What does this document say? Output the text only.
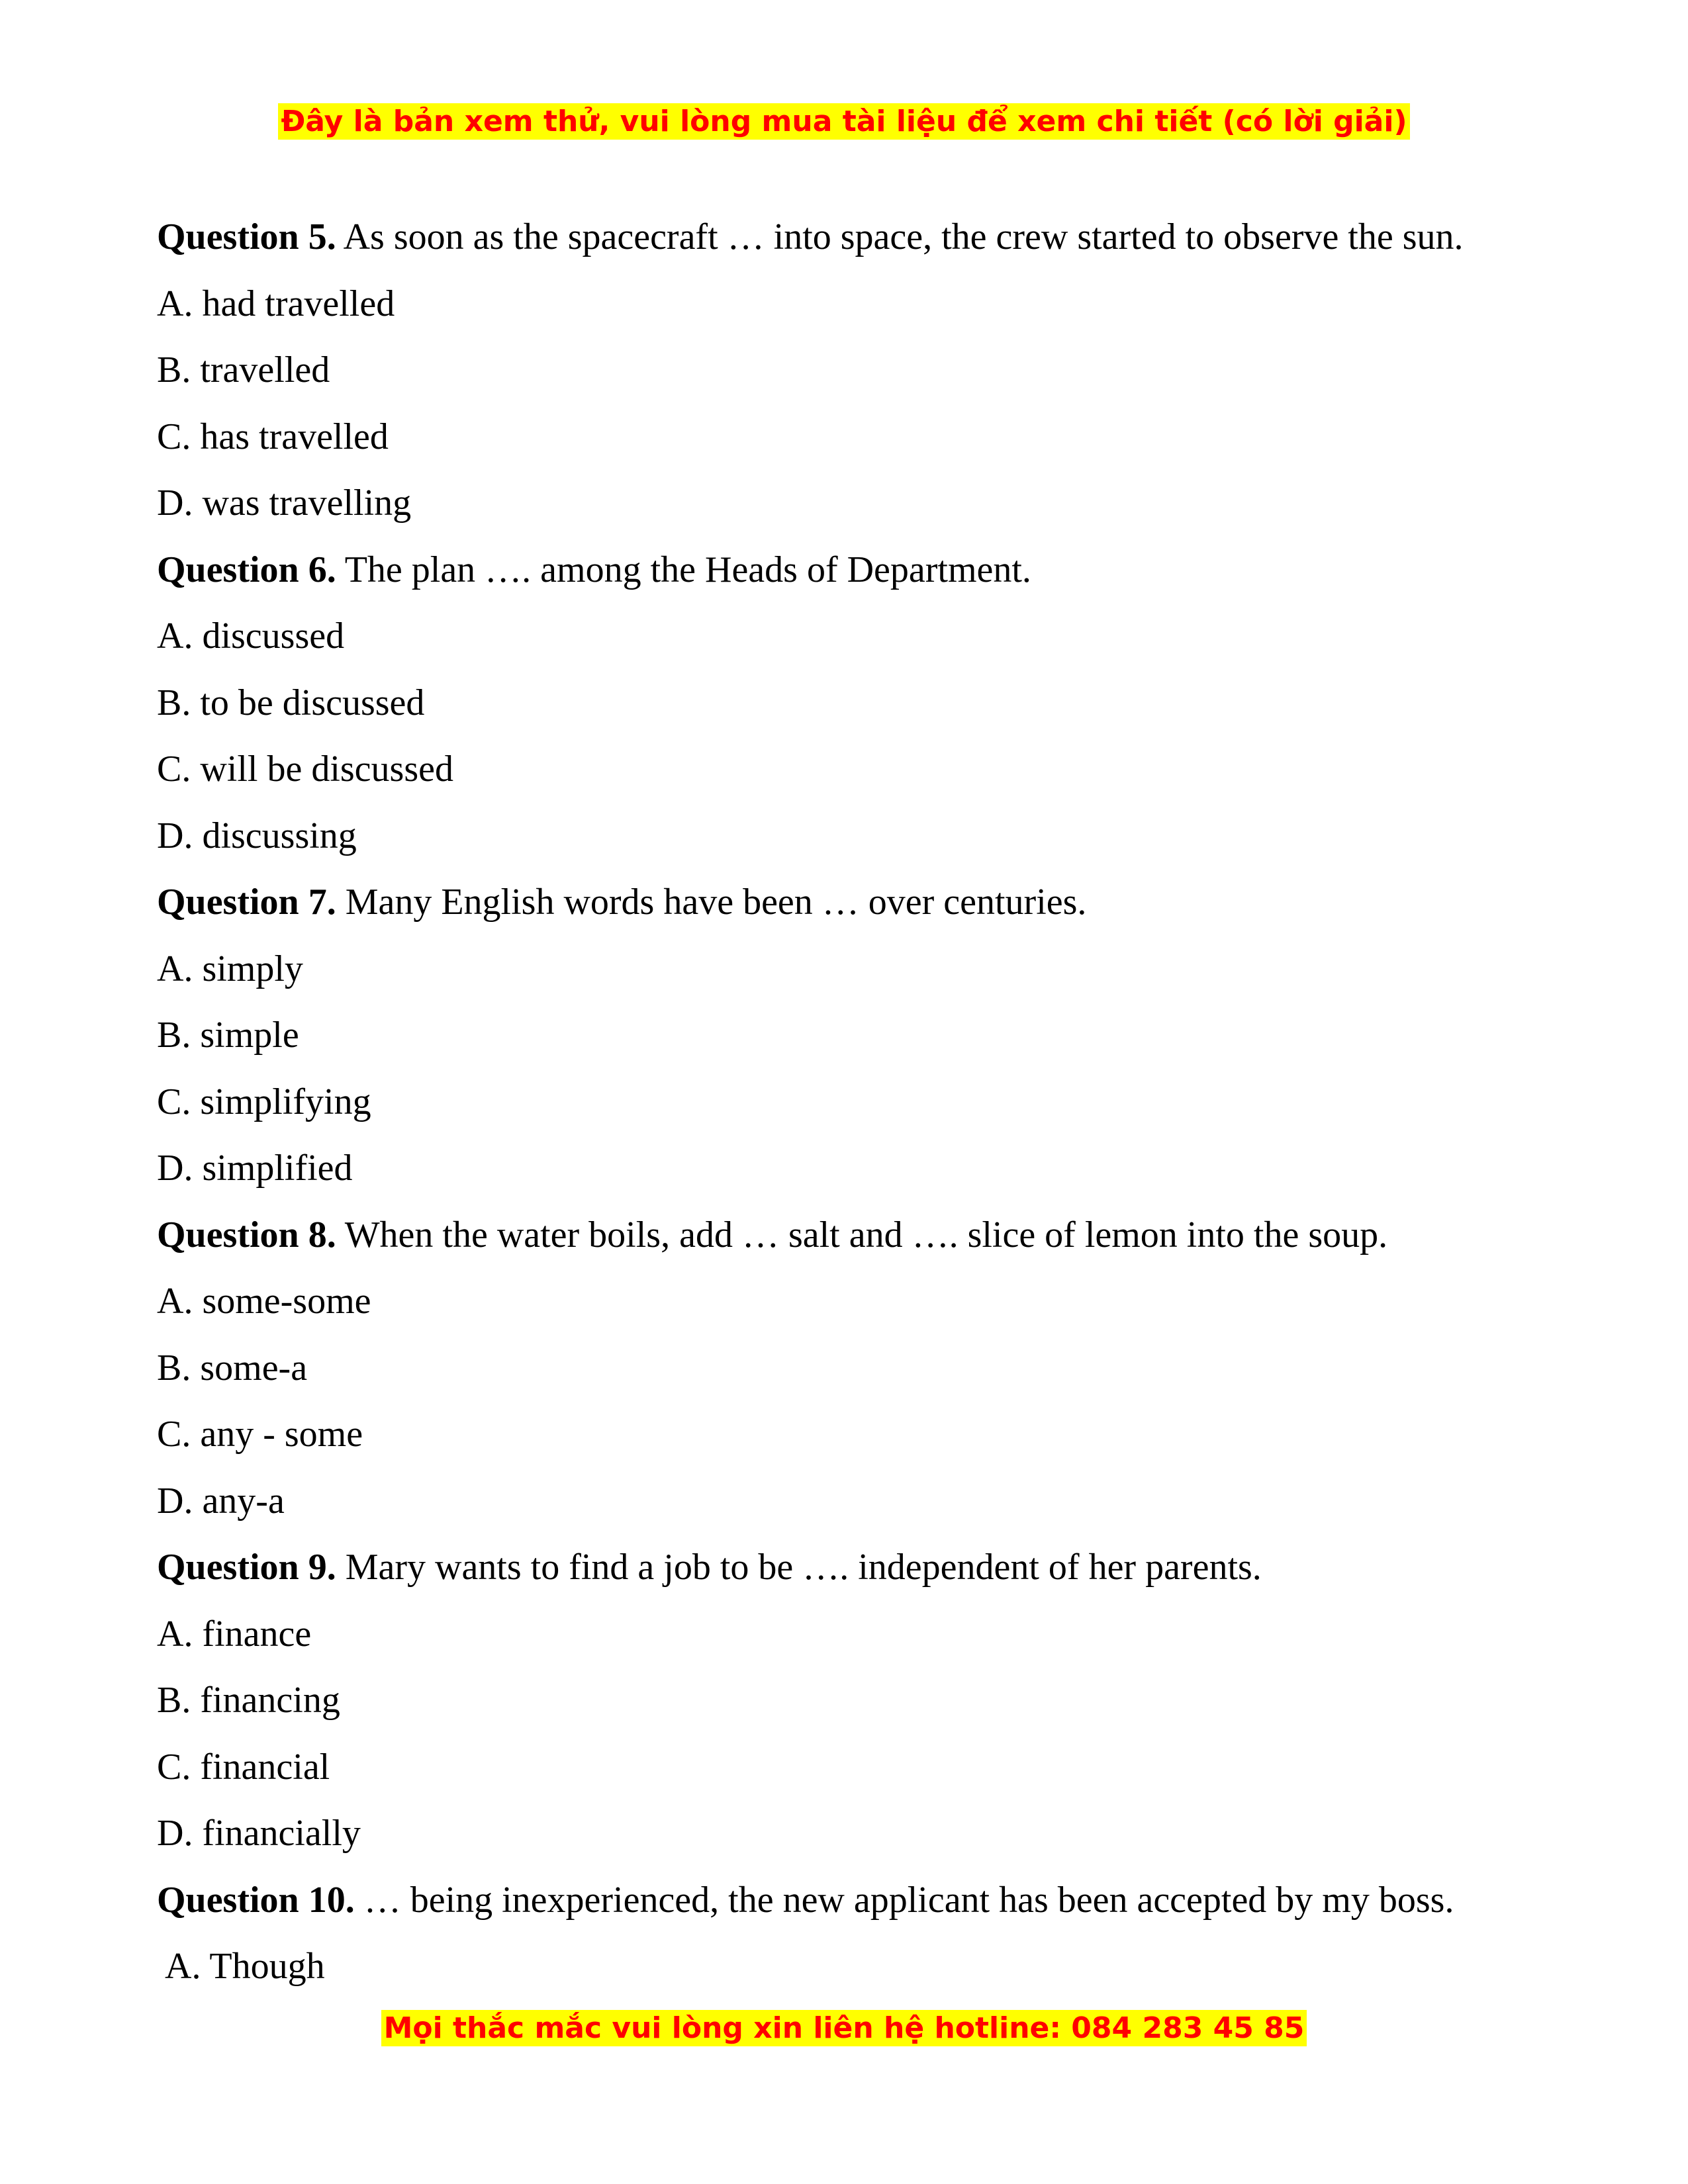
Đây là bản xem thử, vui lòng mua tài liệu để xem chi tiết (có lời giải)
Question 5. As soon as the spacecraft … into space, the crew started to observe the sun.
A. had travelled
B. travelled
C. has travelled
D. was travelling
Question 6. The plan …. among the Heads of Department.
A. discussed
B. to be discussed
C. will be discussed
D. discussing
Question 7. Many English words have been … over centuries.
A. simply
B. simple
C. simplifying
D. simplified
Question 8. When the water boils, add … salt and …. slice of lemon into the soup.
A. some-some
B. some-a
C. any - some
D. any-a
Question 9. Mary wants to find a job to be …. independent of her parents.
A. finance
B. financing
C. financial
D. financially
Question 10. … being inexperienced, the new applicant has been accepted by my boss.
A. Though
Mọi thắc mắc vui lòng xin liên hệ hotline: 084 283 45 85
